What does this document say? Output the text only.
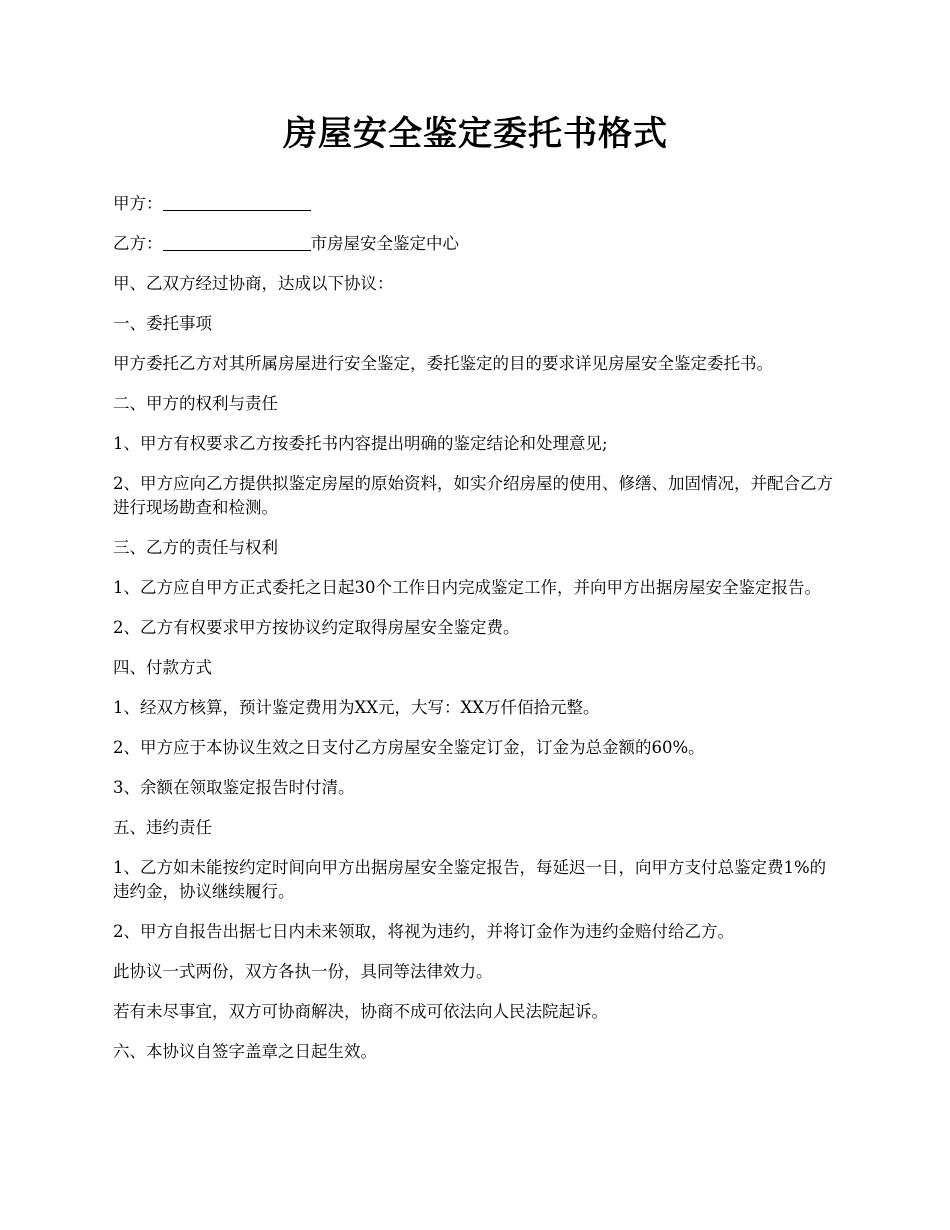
房屋安全鉴定委托书格式

甲方：

乙方：	市房屋安全鉴定中心

甲、乙双方经过协商，达成以下协议：

一、委托事项

甲方委托乙方对其所属房屋进行安全鉴定，委托鉴定的目的要求详见房屋安全鉴定委托书。

二、甲方的权利与责任

1、甲方有权要求乙方按委托书内容提出明确的鉴定结论和处理意见;

2、甲方应向乙方提供拟鉴定房屋的原始资料，如实介绍房屋的使用、修缮、加固情况，并配合乙方进行现场勘查和检测。

三、乙方的责任与权利

1、乙方应自甲方正式委托之日起30个工作日内完成鉴定工作，并向甲方出据房屋安全鉴定报告。

2、乙方有权要求甲方按协议约定取得房屋安全鉴定费。

四、付款方式

1、经双方核算，预计鉴定费用为XX元，大写：XX万仟佰拾元整。

2、甲方应于本协议生效之日支付乙方房屋安全鉴定订金，订金为总金额的60%。

3、余额在领取鉴定报告时付清。

五、违约责任

1、乙方如未能按约定时间向甲方出据房屋安全鉴定报告，每延迟一日，向甲方支付总鉴定费1%的违约金，协议继续履行。

2、甲方自报告出据七日内未来领取，将视为违约，并将订金作为违约金赔付给乙方。

此协议一式两份，双方各执一份，具同等法律效力。

若有未尽事宜，双方可协商解决，协商不成可依法向人民法院起诉。

六、本协议自签字盖章之日起生效。
